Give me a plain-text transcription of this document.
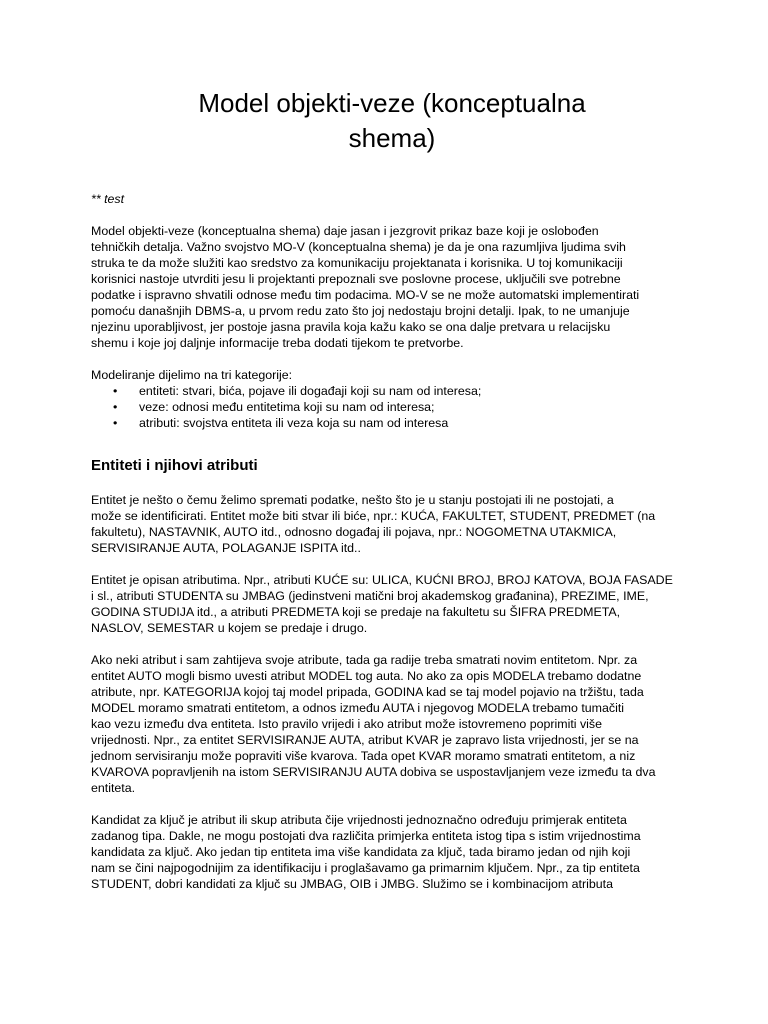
Model objekti-veze (konceptualna
shema)

** test

Model objekti-veze (konceptualna shema) daje jasan i jezgrovit prikaz baze koji je oslobođen
tehničkih detalja. Važno svojstvo MO-V (konceptualna shema) je da je ona razumljiva ljudima svih
struka te da može služiti kao sredstvo za komunikaciju projektanata i korisnika. U toj komunikaciji
korisnici nastoje utvrditi jesu li projektanti prepoznali sve poslovne procese, uključili sve potrebne
podatke i ispravno shvatili odnose među tim podacima. MO-V se ne može automatski implementirati
pomoću današnjih DBMS-a, u prvom redu zato što joj nedostaju brojni detalji. Ipak, to ne umanjuje
njezinu uporabljivost, jer postoje jasna pravila koja kažu kako se ona dalje pretvara u relacijsku
shemu i koje joj daljnje informacije treba dodati tijekom te pretvorbe.

Modeliranje dijelimo na tri kategorije:

• entiteti: stvari, bića, pojave ili događaji koji su nam od interesa;
• veze: odnosi među entitetima koji su nam od interesa;
• atributi: svojstva entiteta ili veza koja su nam od interesa
Entiteti i njihovi atributi

Entitet je nešto o čemu želimo spremati podatke, nešto što je u stanju postojati ili ne postojati, a
može se identificirati. Entitet može biti stvar ili biće, npr.: KUĆA, FAKULTET, STUDENT, PREDMET (na
fakultetu), NASTAVNIK, AUTO itd., odnosno događaj ili pojava, npr.: NOGOMETNA UTAKMICA,
SERVISIRANJE AUTA, POLAGANJE ISPITA itd..

Entitet je opisan atributima. Npr., atributi KUĆE su: ULICA, KUĆNI BROJ, BROJ KATOVA, BOJA FASADE
i sl., atributi STUDENTA su JMBAG (jedinstveni matični broj akademskog građanina), PREZIME, IME,
GODINA STUDIJA itd., a atributi PREDMETA koji se predaje na fakultetu su ŠIFRA PREDMETA,
NASLOV, SEMESTAR u kojem se predaje i drugo.

Ako neki atribut i sam zahtijeva svoje atribute, tada ga radije treba smatrati novim entitetom. Npr. za
entitet AUTO mogli bismo uvesti atribut MODEL tog auta. No ako za opis MODELA trebamo dodatne
atribute, npr. KATEGORIJA kojoj taj model pripada, GODINA kad se taj model pojavio na tržištu, tada
MODEL moramo smatrati entitetom, a odnos između AUTA i njegovog MODELA trebamo tumačiti
kao vezu između dva entiteta. Isto pravilo vrijedi i ako atribut može istovremeno poprimiti više
vrijednosti. Npr., za entitet SERVISIRANJE AUTA, atribut KVAR je zapravo lista vrijednosti, jer se na
jednom servisiranju može popraviti više kvarova. Tada opet KVAR moramo smatrati entitetom, a niz
KVAROVA popravljenih na istom SERVISIRANJU AUTA dobiva se uspostavljanjem veze između ta dva
entiteta.

Kandidat za ključ je atribut ili skup atributa čije vrijednosti jednoznačno određuju primjerak entiteta
zadanog tipa. Dakle, ne mogu postojati dva različita primjerka entiteta istog tipa s istim vrijednostima
kandidata za ključ. Ako jedan tip entiteta ima više kandidata za ključ, tada biramo jedan od njih koji
nam se čini najpogodnijim za identifikaciju i proglašavamo ga primarnim ključem. Npr., za tip entiteta
STUDENT, dobri kandidati za ključ su JMBAG, OIB i JMBG. Služimo se i kombinacijom atributa
